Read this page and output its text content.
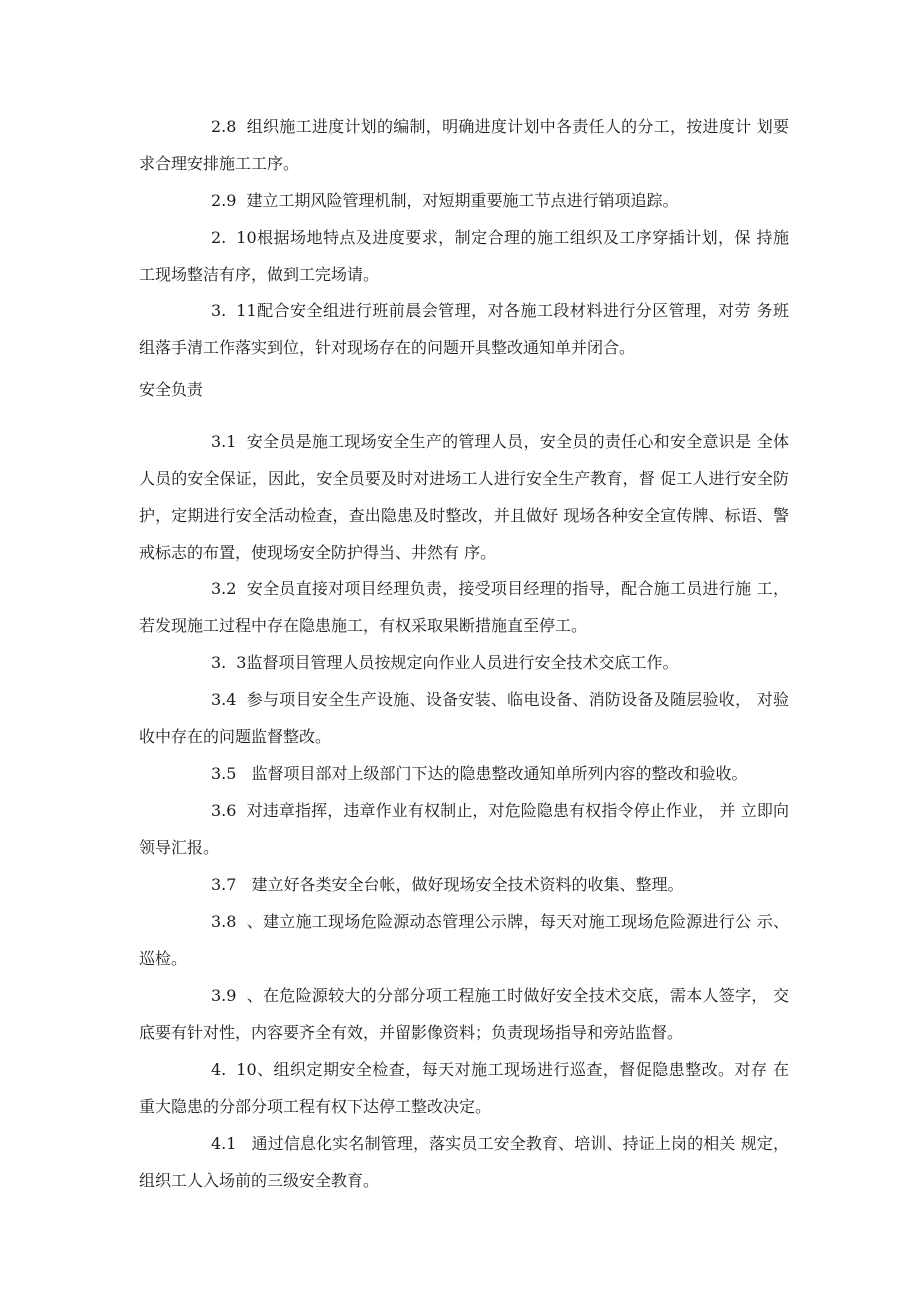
2.8 组织施工进度计划的编制，明确进度计划中各责任人的分工，按进度计 划要求合理安排施工工序。

2.9 建立工期风险管理机制，对短期重要施工节点进行销项追踪。

2. 10根据场地特点及进度要求，制定合理的施工组织及工序穿插计划，保 持施工现场整洁有序，做到工完场请。

3. 11配合安全组进行班前晨会管理，对各施工段材料进行分区管理，对劳 务班组落手清工作落实到位，针对现场存在的问题开具整改通知单并闭合。

安全负责

3.1 安全员是施工现场安全生产的管理人员，安全员的责任心和安全意识是 全体人员的安全保证，因此，安全员要及时对进场工人进行安全生产教育，督 促工人进行安全防护，定期进行安全活动检查，查出隐患及时整改，并且做好 现场各种安全宣传牌、标语、警戒标志的布置，使现场安全防护得当、井然有 序。

3.2 安全员直接对项目经理负责，接受项目经理的指导，配合施工员进行施 工，若发现施工过程中存在隐患施工，有权采取果断措施直至停工。

3. 3监督项目管理人员按规定向作业人员进行安全技术交底工作。

3.4 参与项目安全生产设施、设备安装、临电设备、消防设备及随层验收， 对验收中存在的问题监督整改。

3.5 监督项目部对上级部门下达的隐患整改通知单所列内容的整改和验收。

3.6 对违章指挥，违章作业有权制止，对危险隐患有权指令停止作业， 并 立即向领导汇报。

3.7 建立好各类安全台帐，做好现场安全技术资料的收集、整理。

3.8 、建立施工现场危险源动态管理公示牌，每天对施工现场危险源进行公 示、巡检。

3.9 、在危险源较大的分部分项工程施工时做好安全技术交底，需本人签字， 交底要有针对性，内容要齐全有效，并留影像资料；负责现场指导和旁站监督。

4. 10、组织定期安全检查，每天对施工现场进行巡查，督促隐患整改。对存 在重大隐患的分部分项工程有权下达停工整改决定。

4.1 通过信息化实名制管理，落实员工安全教育、培训、持证上岗的相关 规定，组织工人入场前的三级安全教育。
